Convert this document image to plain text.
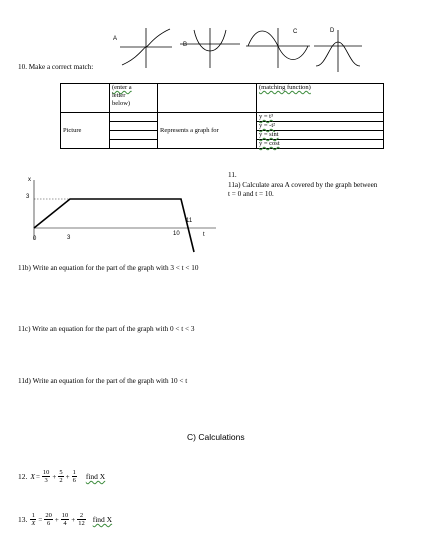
A
B
C	D
10. Make a correct match:
	(enter a
letter
below)		(matching function)
Picture		Represents a graph for	y = t³
			y = -t²
			y = sint
			y = cost
x
3
0	3
10
11
t
11.
11a) Calculate area A covered by the graph between
t = 0 and t = 10.
11b) Write an equation for the part of the graph with 3 < t < 10
11c) Write an equation for the part of the graph with 0 < t < 3
11d) Write an equation for the part of the graph with 10 < t
C) Calculations
12. $X = \frac{10}{3} + \frac{5}{2} + \frac{1}{6}$ find X
13. $\frac{1}{X} = \frac{20}{6} + \frac{10}{4} + \frac{2}{12}$ find X
